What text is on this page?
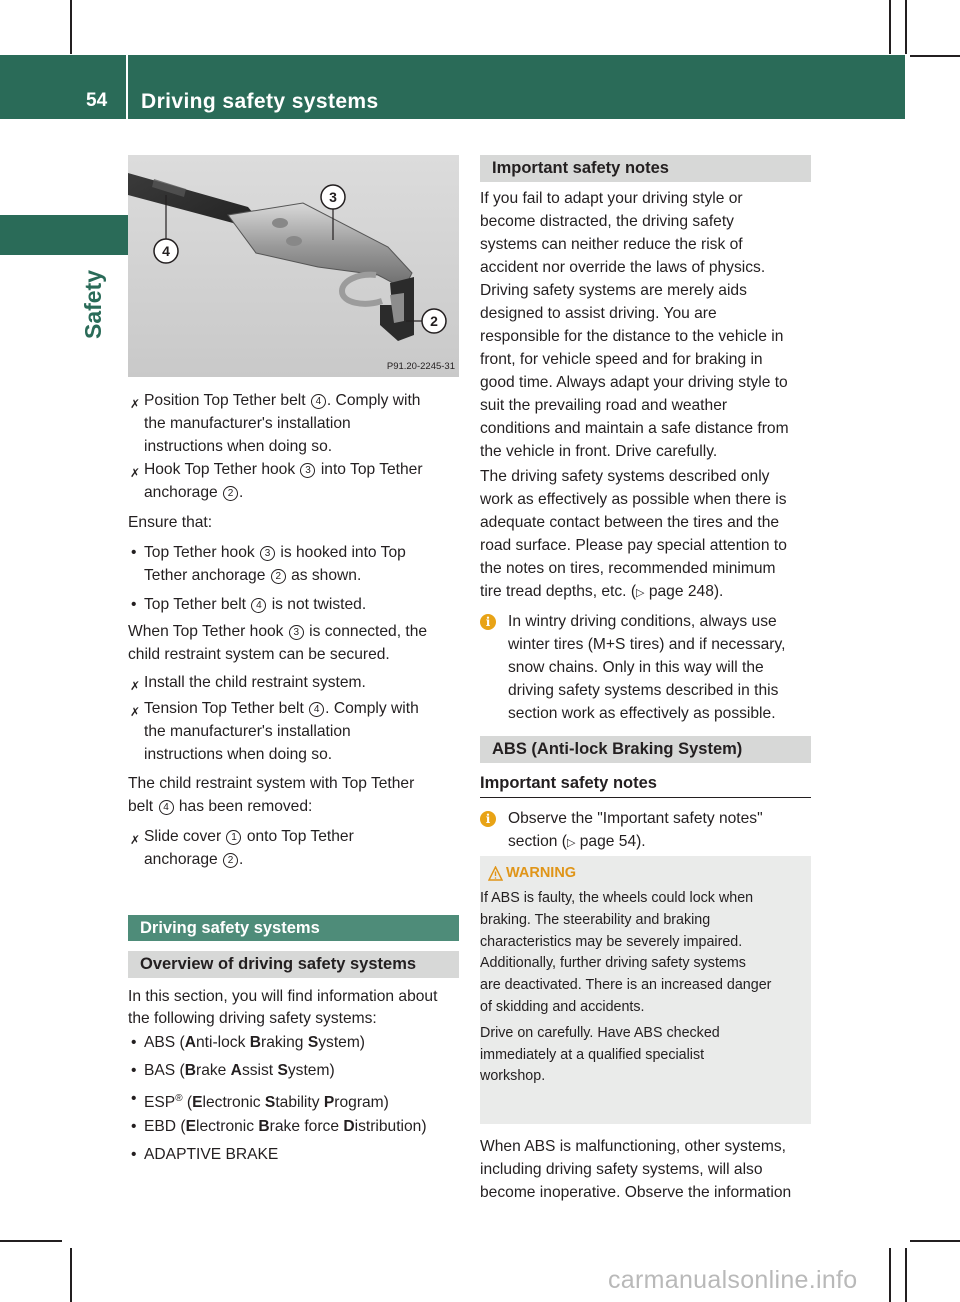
54 Driving safety systems
Safety
4
3
2
P91.20-2245-31
✗ Position Top Tether belt 4 . Comply with

the manufacturer's installation

instructions when doing so.

✗ Hook Top Tether hook 3 into Top Tether

anchorage 2 .

Ensure that:

• Top Tether hook 3 is hooked into Top

Tether anchorage 2 as shown.

• Top Tether belt 4 is not twisted.

When Top Tether hook 3 is connected, the

child restraint system can be secured.

✗ Install the child restraint system.

✗ Tension Top Tether belt 4 . Comply with

the manufacturer's installation

instructions when doing so.

The child restraint system with Top Tether

belt 4 has been removed:

✗ Slide cover 1 onto Top Tether

anchorage 2 .

Driving safety systems
Overview of driving safety systems

In this section, you will find information about

the following driving safety systems:

• ABS (Anti-lock Braking System)

• BAS (Brake Assist System)

• ESP® (Electronic Stability Program)

• EBD (Electronic Brake force Distribution)

• ADAPTIVE BRAKE

Important safety notes

If you fail to adapt your driving style or

become distracted, the driving safety

systems can neither reduce the risk of

accident nor override the laws of physics.

Driving safety systems are merely aids

designed to assist driving. You are

responsible for the distance to the vehicle in

front, for vehicle speed and for braking in

good time. Always adapt your driving style to

suit the prevailing road and weather

conditions and maintain a safe distance from

the vehicle in front. Drive carefully.

The driving safety systems described only

work as effectively as possible when there is

adequate contact between the tires and the

road surface. Please pay special attention to

the notes on tires, recommended minimum

tire tread depths, etc. (▷ page 248).

i	In wintry driving conditions, always use

winter tires (M+S tires) and if necessary,

snow chains. Only in this way will the

driving safety systems described in this

section work as effectively as possible.

ABS (Anti-lock Braking System)
Important safety notes
i	Observe the "Important safety notes"

section (▷ page 54).

When ABS is malfunctioning, other systems,

including driving safety systems, will also

become inoperative. Observe the information

WARNING
If ABS is faulty, the wheels could lock when
braking. The steerability and braking
characteristics may be severely impaired.
Additionally, further driving safety systems
are deactivated. There is an increased danger
of skidding and accidents.
Drive on carefully. Have ABS checked
immediately at a qualified specialist
workshop.
carmanualsonline.info
